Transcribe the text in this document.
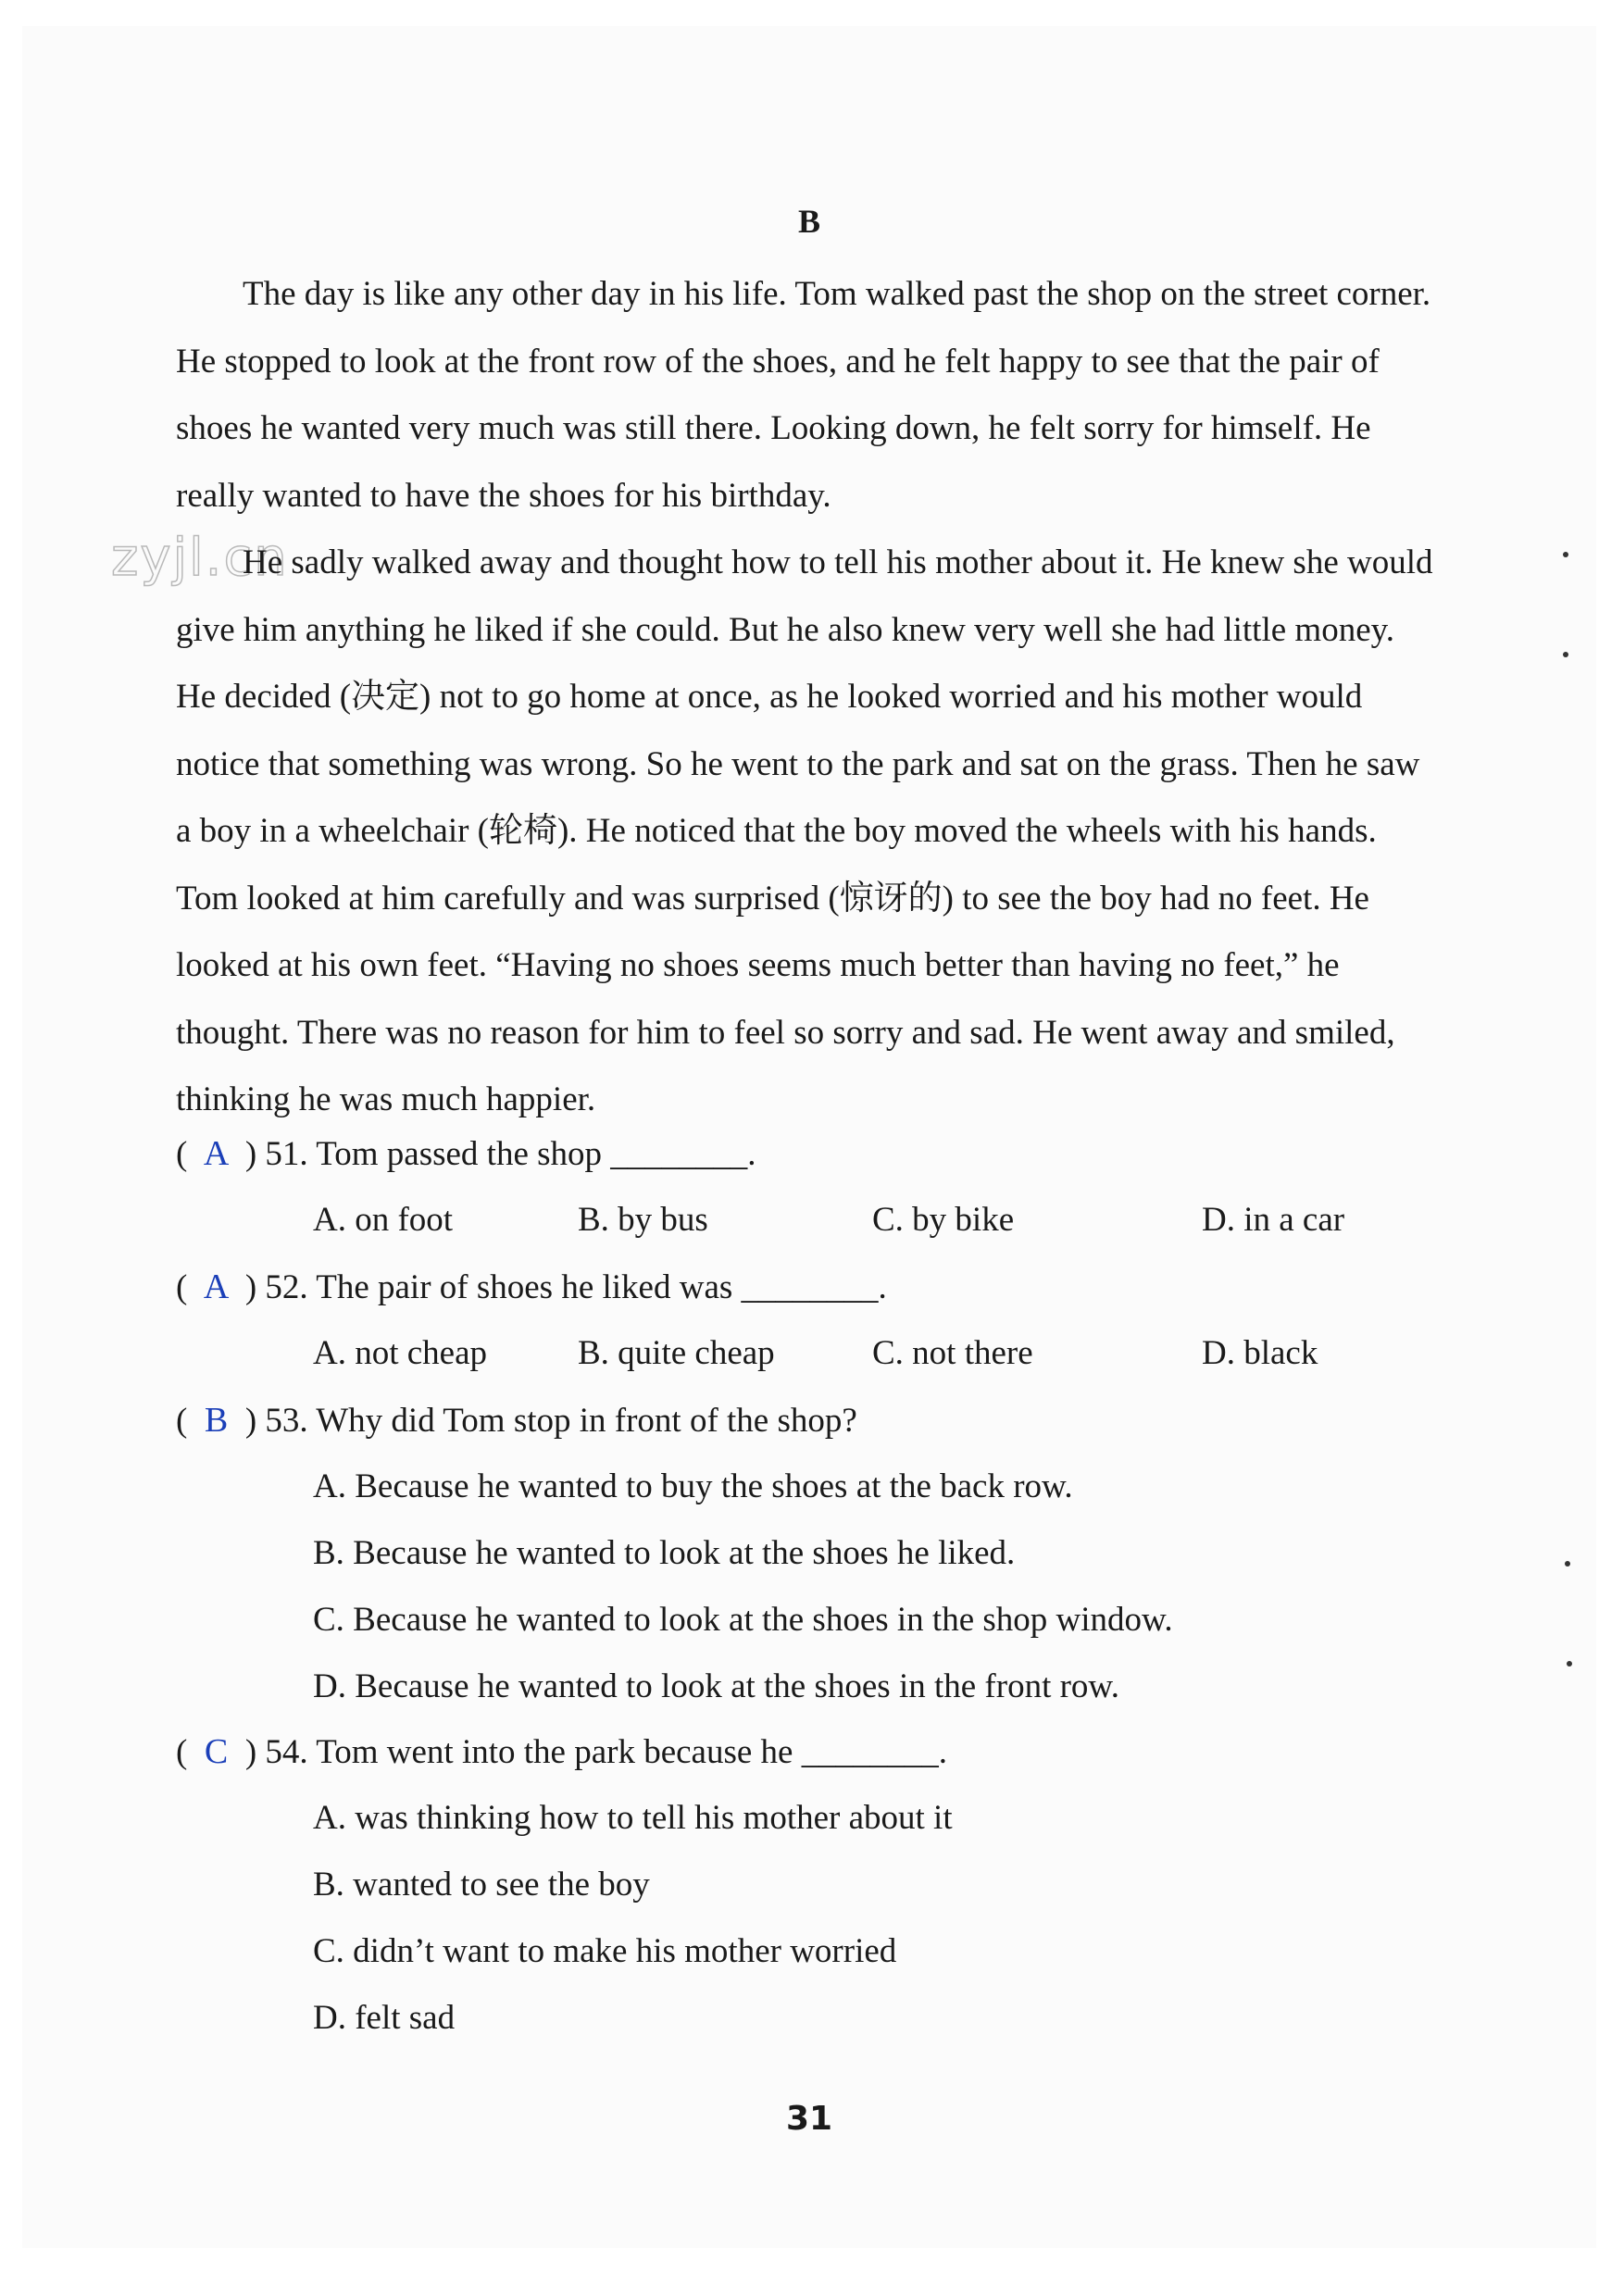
B
zyjl.cn

The day is like any other day in his life. Tom walked past the shop on the street corner. He stopped to look at the front row of the shoes, and he felt happy to see that the pair of shoes he wanted very much was still there. Looking down, he felt sorry for himself. He really wanted to have the shoes for his birthday.

He sadly walked away and thought how to tell his mother about it. He knew she would give him anything he liked if she could. But he also knew very well she had little money. He decided (决定) not to go home at once, as he looked worried and his mother would notice that something was wrong. So he went to the park and sat on the grass. Then he saw a boy in a wheelchair (轮椅). He noticed that the boy moved the wheels with his hands. Tom looked at him carefully and was surprised (惊讶的) to see the boy had no feet. He looked at his own feet. “Having no shoes seems much better than having no feet,” he thought. There was no reason for him to feel so sorry and sad. He went away and smiled, thinking he was much happier.

( A ) 51. Tom passed the shop ________.
A. on foot	B. by bus	C. by bike	D. in a car
( A ) 52. The pair of shoes he liked was ________.
A. not cheap	B. quite cheap	C. not there	D. black
( B ) 53. Why did Tom stop in front of the shop?
A. Because he wanted to buy the shoes at the back row.
B. Because he wanted to look at the shoes he liked.
C. Because he wanted to look at the shoes in the shop window.
D. Because he wanted to look at the shoes in the front row.
( C ) 54. Tom went into the park because he ________.
A. was thinking how to tell his mother about it
B. wanted to see the boy
C. didn’t want to make his mother worried
D. felt sad
31
